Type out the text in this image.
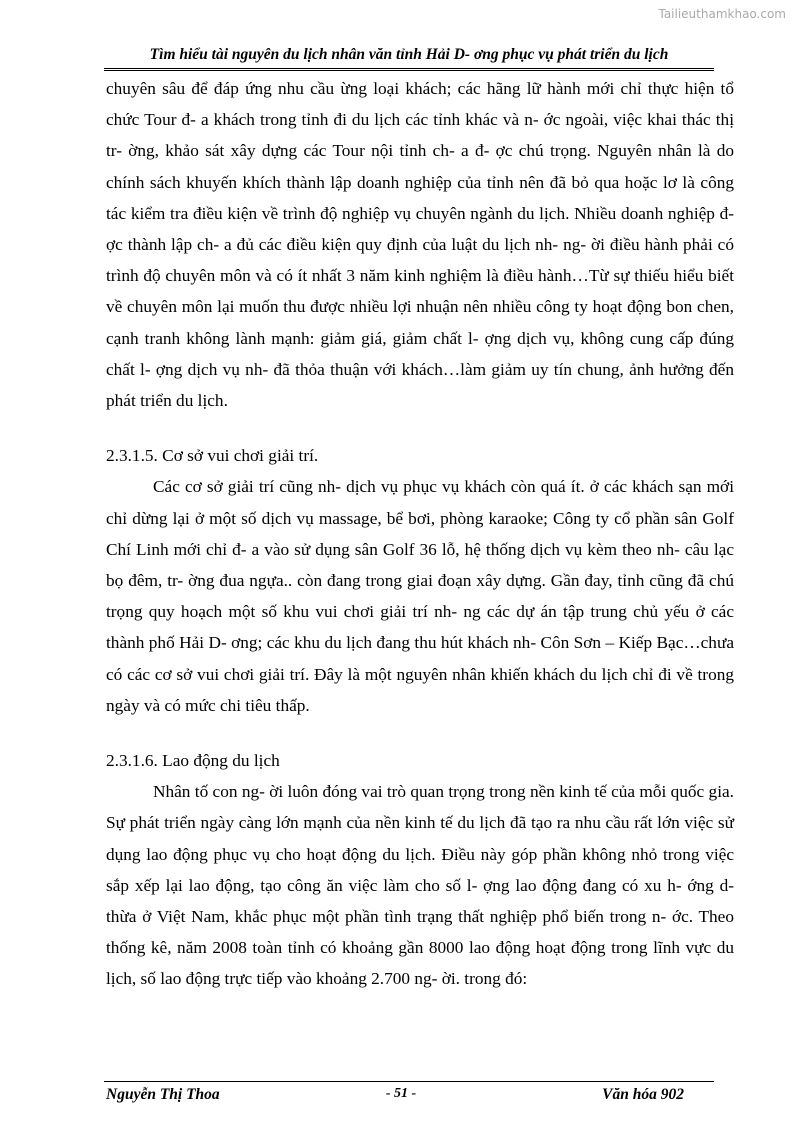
Tailieuthamkhao.com
Tìm hiểu tài nguyên du lịch nhân văn tỉnh Hải D- ơng phục vụ phát triển du lịch

chuyên sâu để đáp ứng nhu cầu ừng loại khách; các hãng lữ hành mới chỉ thực hiện tổ chức Tour đ- a khách trong tỉnh đi du lịch các tỉnh khác và n- ớc ngoài, việc khai thác thị tr- ờng, khảo sát xây dựng các Tour nội tỉnh ch- a đ- ợc chú trọng. Nguyên nhân là do chính sách khuyến khích thành lập doanh nghiệp của tỉnh nên đã bỏ qua hoặc lơ là công tác kiểm tra điều kiện về trình độ nghiệp vụ chuyên ngành du lịch. Nhiều doanh nghiệp đ- ợc thành lập ch- a đủ các điều kiện quy định của luật du lịch nh- ng- ời điều hành phải có trình độ chuyên môn và có ít nhất 3 năm kinh nghiệm là điều hành…Từ sự thiếu hiểu biết về chuyên môn lại muốn thu được nhiều lợi nhuận nên nhiều công ty hoạt động bon chen, cạnh tranh không lành mạnh: giảm giá, giảm chất l- ợng dịch vụ, không cung cấp đúng chất l- ợng dịch vụ nh- đã thỏa thuận với khách…làm giảm uy tín chung, ảnh hưởng đến phát triển du lịch.

2.3.1.5. Cơ sở vui chơi giải trí.

Các cơ sở giải trí cũng nh- dịch vụ phục vụ khách còn quá ít. ở các khách sạn mới chỉ dừng lại ở một số dịch vụ massage, bể bơi, phòng karaoke; Công ty cổ phần sân Golf Chí Linh mới chỉ đ- a vào sử dụng sân Golf 36 lỗ, hệ thống dịch vụ kèm theo nh- câu lạc bọ đêm, tr- ờng đua ngựa.. còn đang trong giai đoạn xây dựng. Gần đay, tỉnh cũng đã chú trọng quy hoạch một số khu vui chơi giải trí nh- ng các dự án tập trung chủ yếu ở các thành phố Hải D- ơng; các khu du lịch đang thu hút khách nh- Côn Sơn – Kiếp Bạc…chưa có các cơ sở vui chơi giải trí. Đây là một nguyên nhân khiến khách du lịch chỉ đi về trong ngày và có mức chi tiêu thấp.

2.3.1.6. Lao động du lịch

Nhân tố con ng- ời luôn đóng vai trò quan trọng trong nền kinh tế của mỗi quốc gia. Sự phát triển ngày càng lớn mạnh của nền kinh tế du lịch đã tạo ra nhu cầu rất lớn việc sử dụng lao động phục vụ cho hoạt động du lịch. Điều này góp phần không nhỏ trong việc sắp xếp lại lao động, tạo công ăn việc làm cho số l- ợng lao động đang có xu h- ớng d- thừa ở Việt Nam, khắc phục một phần tình trạng thất nghiệp phổ biến trong n- ớc. Theo thống kê, năm 2008 toàn tỉnh có khoảng gần 8000 lao động hoạt động trong lĩnh vực du lịch, số lao động trực tiếp vào khoảng 2.700 ng- ời. trong đó:

Nguyễn Thị Thoa	- 51 -	Văn hóa 902
